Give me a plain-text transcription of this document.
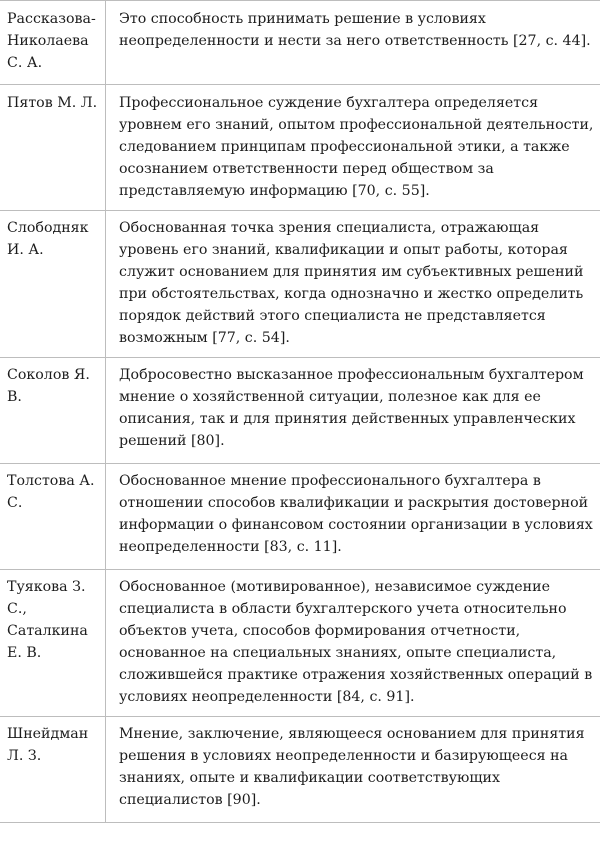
Рассказова-Николаева С. А.	Это способность принимать решение в условиях неопределенности и нести за него ответственность [27, с. 44].
Пятов М. Л.	Профессиональное суждение бухгалтера определяется уровнем его знаний, опытом профессиональной деятельности, следованием принципам профессиональной этики, а также осознанием ответственности перед обществом за представляемую информацию [70, с. 55].
Слободняк И. А.	Обоснованная точка зрения специалиста, отражающая уровень его знаний, квалификации и опыт работы, которая служит основанием для принятия им субъективных решений при обстоятельствах, когда однозначно и жестко определить порядок действий этого специалиста не представляется возможным [77, с. 54].
Соколов Я. В.	Добросовестно высказанное профессиональным бухгалтером мнение о хозяйственной ситуации, полезное как для ее описания, так и для принятия действенных управленческих решений [80].
Толстова А. С.	Обоснованное мнение профессионального бухгалтера в отношении способов квалификации и раскрытия достоверной информации о финансовом состоянии организации в условиях неопределенности [83, с. 11].
Туякова З. С., Саталкина Е. В.	Обоснованное (мотивированное), независимое суждение специалиста в области бухгалтерского учета относительно объектов учета, способов формирования отчетности, основанное на специальных знаниях, опыте специалиста, сложившейся практике отражения хозяйственных операций в условиях неопределенности [84, с. 91].
Шнейдман Л. З.	Мнение, заключение, являющееся основанием для принятия решения в условиях неопределенности и базирующееся на знаниях, опыте и квалификации соответствующих специалистов [90].
